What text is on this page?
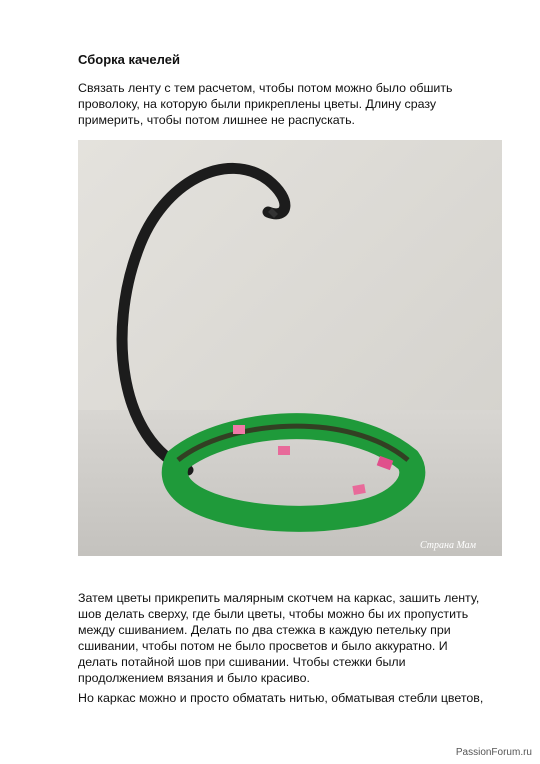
Сборка качелей
Связать ленту с тем расчетом, чтобы потом можно было обшить
проволоку, на которую были прикреплены цветы. Длину сразу
примерить, чтобы потом лишнее не распускать.
Страна Мам
Затем цветы прикрепить малярным скотчем на каркас, зашить ленту,
шов делать сверху, где были цветы, чтобы можно бы их пропустить
между сшиванием. Делать по два стежка в каждую петельку при
сшивании, чтобы потом не было просветов и было аккуратно. И
делать потайной шов при сшивании. Чтобы стежки были
продолжением вязания и было красиво.
Но каркас можно и просто обматать нитью, обматывая стебли цветов,
PassionForum.ru
